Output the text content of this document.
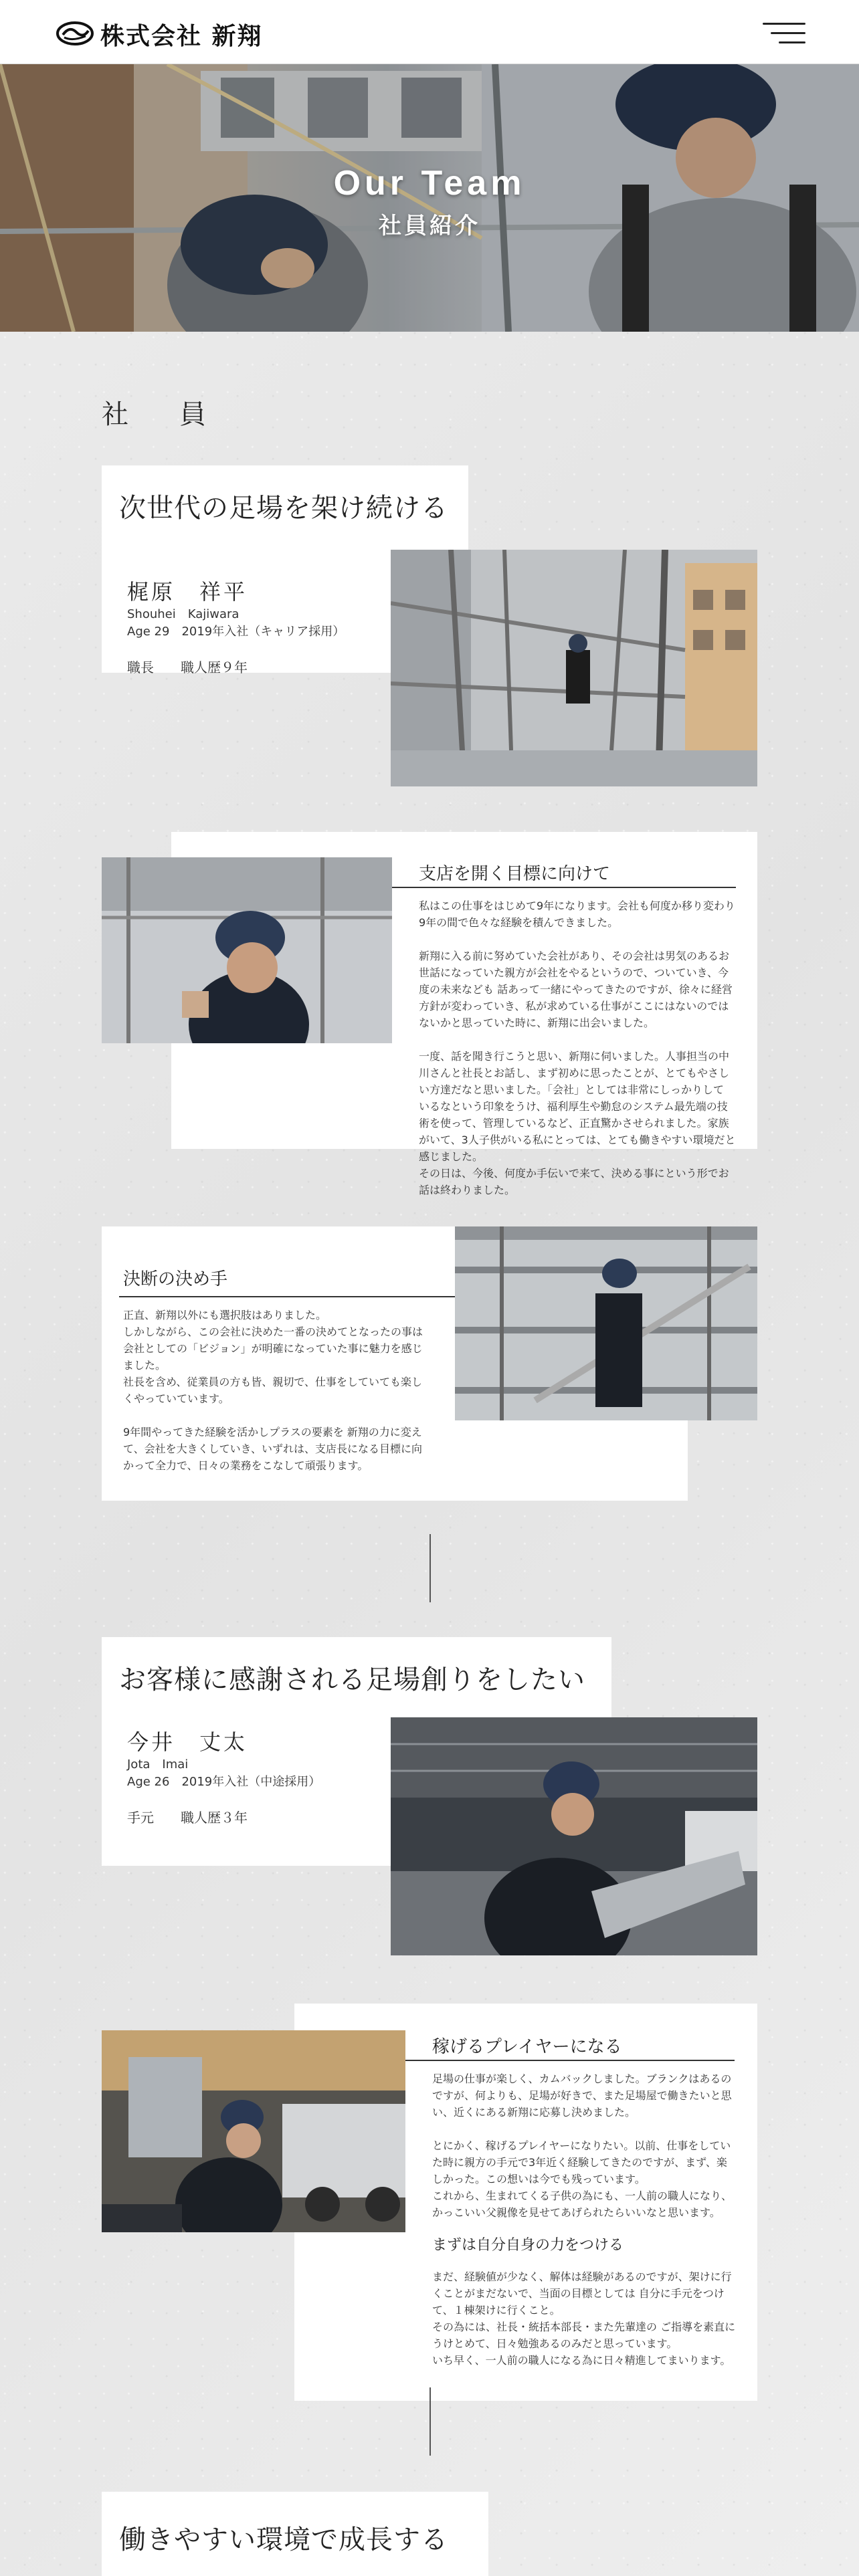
株式会社 新翔
Our Team
社員紹介
社　員
次世代の足場を架け続ける
梶原　祥平
Shouhei　Kajiwara
Age 29　2019年入社（キャリア採用）
職長　　職人歴９年
支店を開く目標に向けて
私はこの仕事をはじめて9年になります。会社も何度か移り変わり
9年の間で色々な経験を積んできました。

新翔に入る前に努めていた会社があり、その会社は男気のあるお
世話になっていた親方が会社をやるというので、ついていき、今
度の未来なども 話あって一緒にやってきたのですが、徐々に経営
方針が変わっていき、私が求めている仕事がここにはないのでは
ないかと思っていた時に、新翔に出会いました。

一度、話を聞き行こうと思い、新翔に伺いました。人事担当の中
川さんと社長とお話し、まず初めに思ったことが、とてもやさし
い方達だなと思いました。「会社」としては非常にしっかりして
いるなという印象をうけ、福利厚生や勤怠のシステム最先端の技
術を使って、管理しているなど、正直驚かさせられました。家族
がいて、3人子供がいる私にとっては、とても働きやすい環境だと
感じました。
その日は、今後、何度か手伝いで来て、決める事にという形でお
話は終わりました。
決断の決め手
正直、新翔以外にも選択肢はありました。
しかしながら、この会社に決めた一番の決めてとなったの事は
会社としての「ビジョン」が明確になっていた事に魅力を感じ
ました。
社長を含め、従業員の方も皆、親切で、仕事をしていても楽し
くやっていています。

9年間やってきた経験を活かしプラスの要素を 新翔の力に変え
て、会社を大きくしていき、いずれは、支店長になる目標に向
かって全力で、日々の業務をこなして頑張ります。
お客様に感謝される足場創りをしたい
今井　丈太
Jota　Imai
Age 26　2019年入社（中途採用）
手元　　職人歴３年
稼げるプレイヤーになる
足場の仕事が楽しく、カムバックしました。ブランクはあるの
ですが、何よりも、足場が好きで、また足場屋で働きたいと思
い、近くにある新翔に応募し決めました。

とにかく、稼げるプレイヤーになりたい。以前、仕事をしてい
た時に親方の手元で3年近く経験してきたのですが、まず、楽
しかった。この想いは今でも残っています。
これから、生まれてくる子供の為にも、一人前の職人になり、
かっこいい父親像を見せてあげられたらいいなと思います。
まずは自分自身の力をつける
まだ、経験値が少なく、解体は経験があるのですが、架けに行
くことがまだないで、当面の目標としては 自分に手元をつけ
て、１棟架けに行くこと。
その為には、社長・統括本部長・また先輩達の ご指導を素直に
うけとめて、日々勉強あるのみだと思っています。
いち早く、一人前の職人になる為に日々精進してまいります。
働きやすい環境で成長する
